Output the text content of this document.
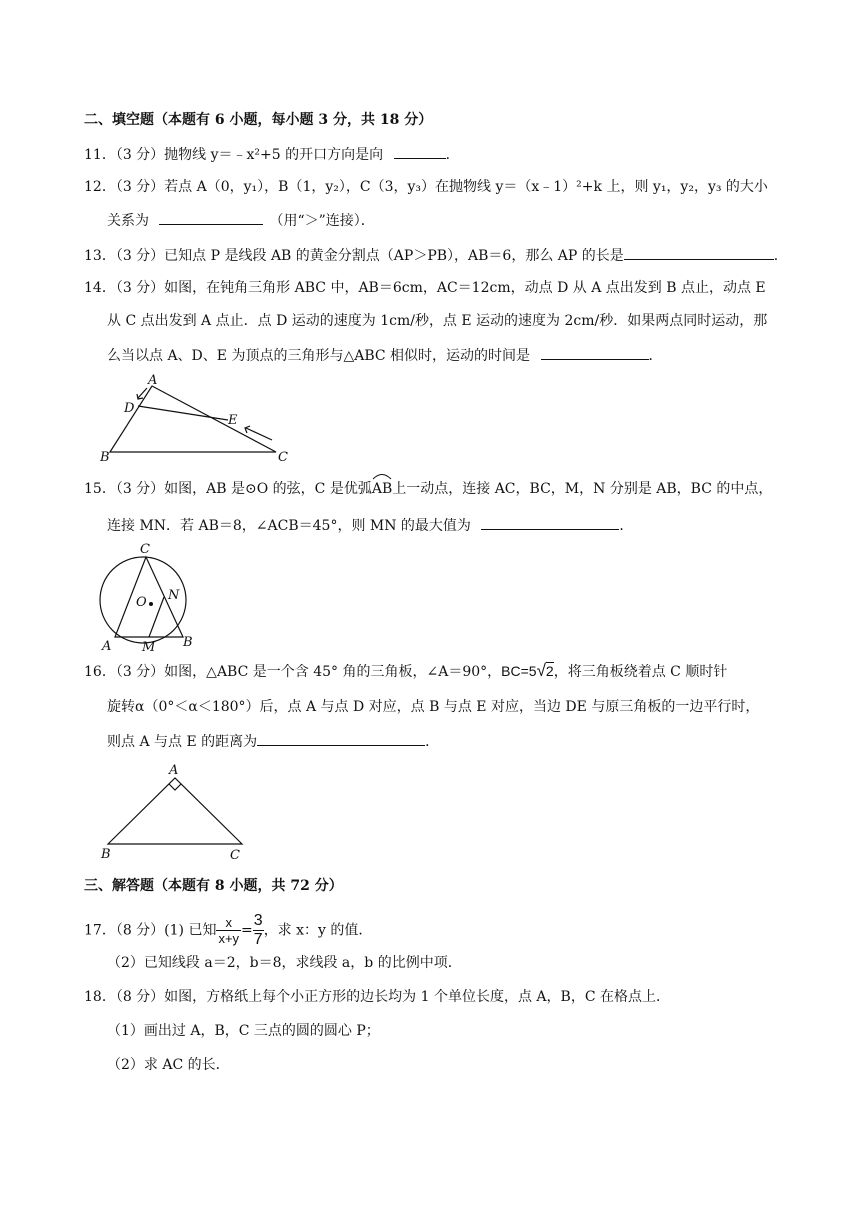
二、填空题（本题有 6 小题，每小题 3 分，共 18 分）
11．（3 分）抛物线 y＝﹣x²+5 的开口方向是向	．
12．（3 分）若点 A（0，y₁），B（1，y₂），C（3，y₃）在抛物线 y＝（x﹣1）²+k 上，则 y₁，y₂，y₃ 的大小
关系为	（用“＞”连接）．
13．（3 分）已知点 P 是线段 AB 的黄金分割点（AP＞PB），AB＝6，那么 AP 的长是	．
14．（3 分）如图，在钝角三角形 ABC 中，AB＝6cm，AC＝12cm，动点 D 从 A 点出发到 B 点止，动点 E
从 C 点出发到 A 点止．点 D 运动的速度为 1cm/秒，点 E 运动的速度为 2cm/秒．如果两点同时运动，那
么当以点 A、D、E 为顶点的三角形与△ABC 相似时，运动的时间是	．
A
B	C
D
E
15．（3 分）如图，AB 是⊙O 的弦，C 是优弧
AB上一动点，连接 AC，BC，M，N 分别是 AB，BC 的中点，
连接 MN．若 AB＝8，∠ACB＝45°，则 MN 的最大值为	．
C
O N
A M B
16．（3 分）如图，△ABC 是一个含 45° 角的三角板，∠A＝90°，BC=5√2，将三角板绕着点 C 顺时针
旋转α（0°＜α＜180°）后，点 A 与点 D 对应，点 B 与点 E 对应，当边 DE 与原三角板的一边平行时，
则点 A 与点 E 的距离为	．
A
B	C
三、解答题（本题有 8 小题，共 72 分）
17．（8 分）(1) 已知 $\frac{x}{x+y} = \frac{3}{7}$ ，求 x：y 的值．
（2）已知线段 a＝2，b＝8，求线段 a，b 的比例中项．
18．（8 分）如图，方格纸上每个小正方形的边长均为 1 个单位长度，点 A，B，C 在格点上．
（1）画出过 A，B，C 三点的圆的圆心 P；
（2）求 AC 的长．
